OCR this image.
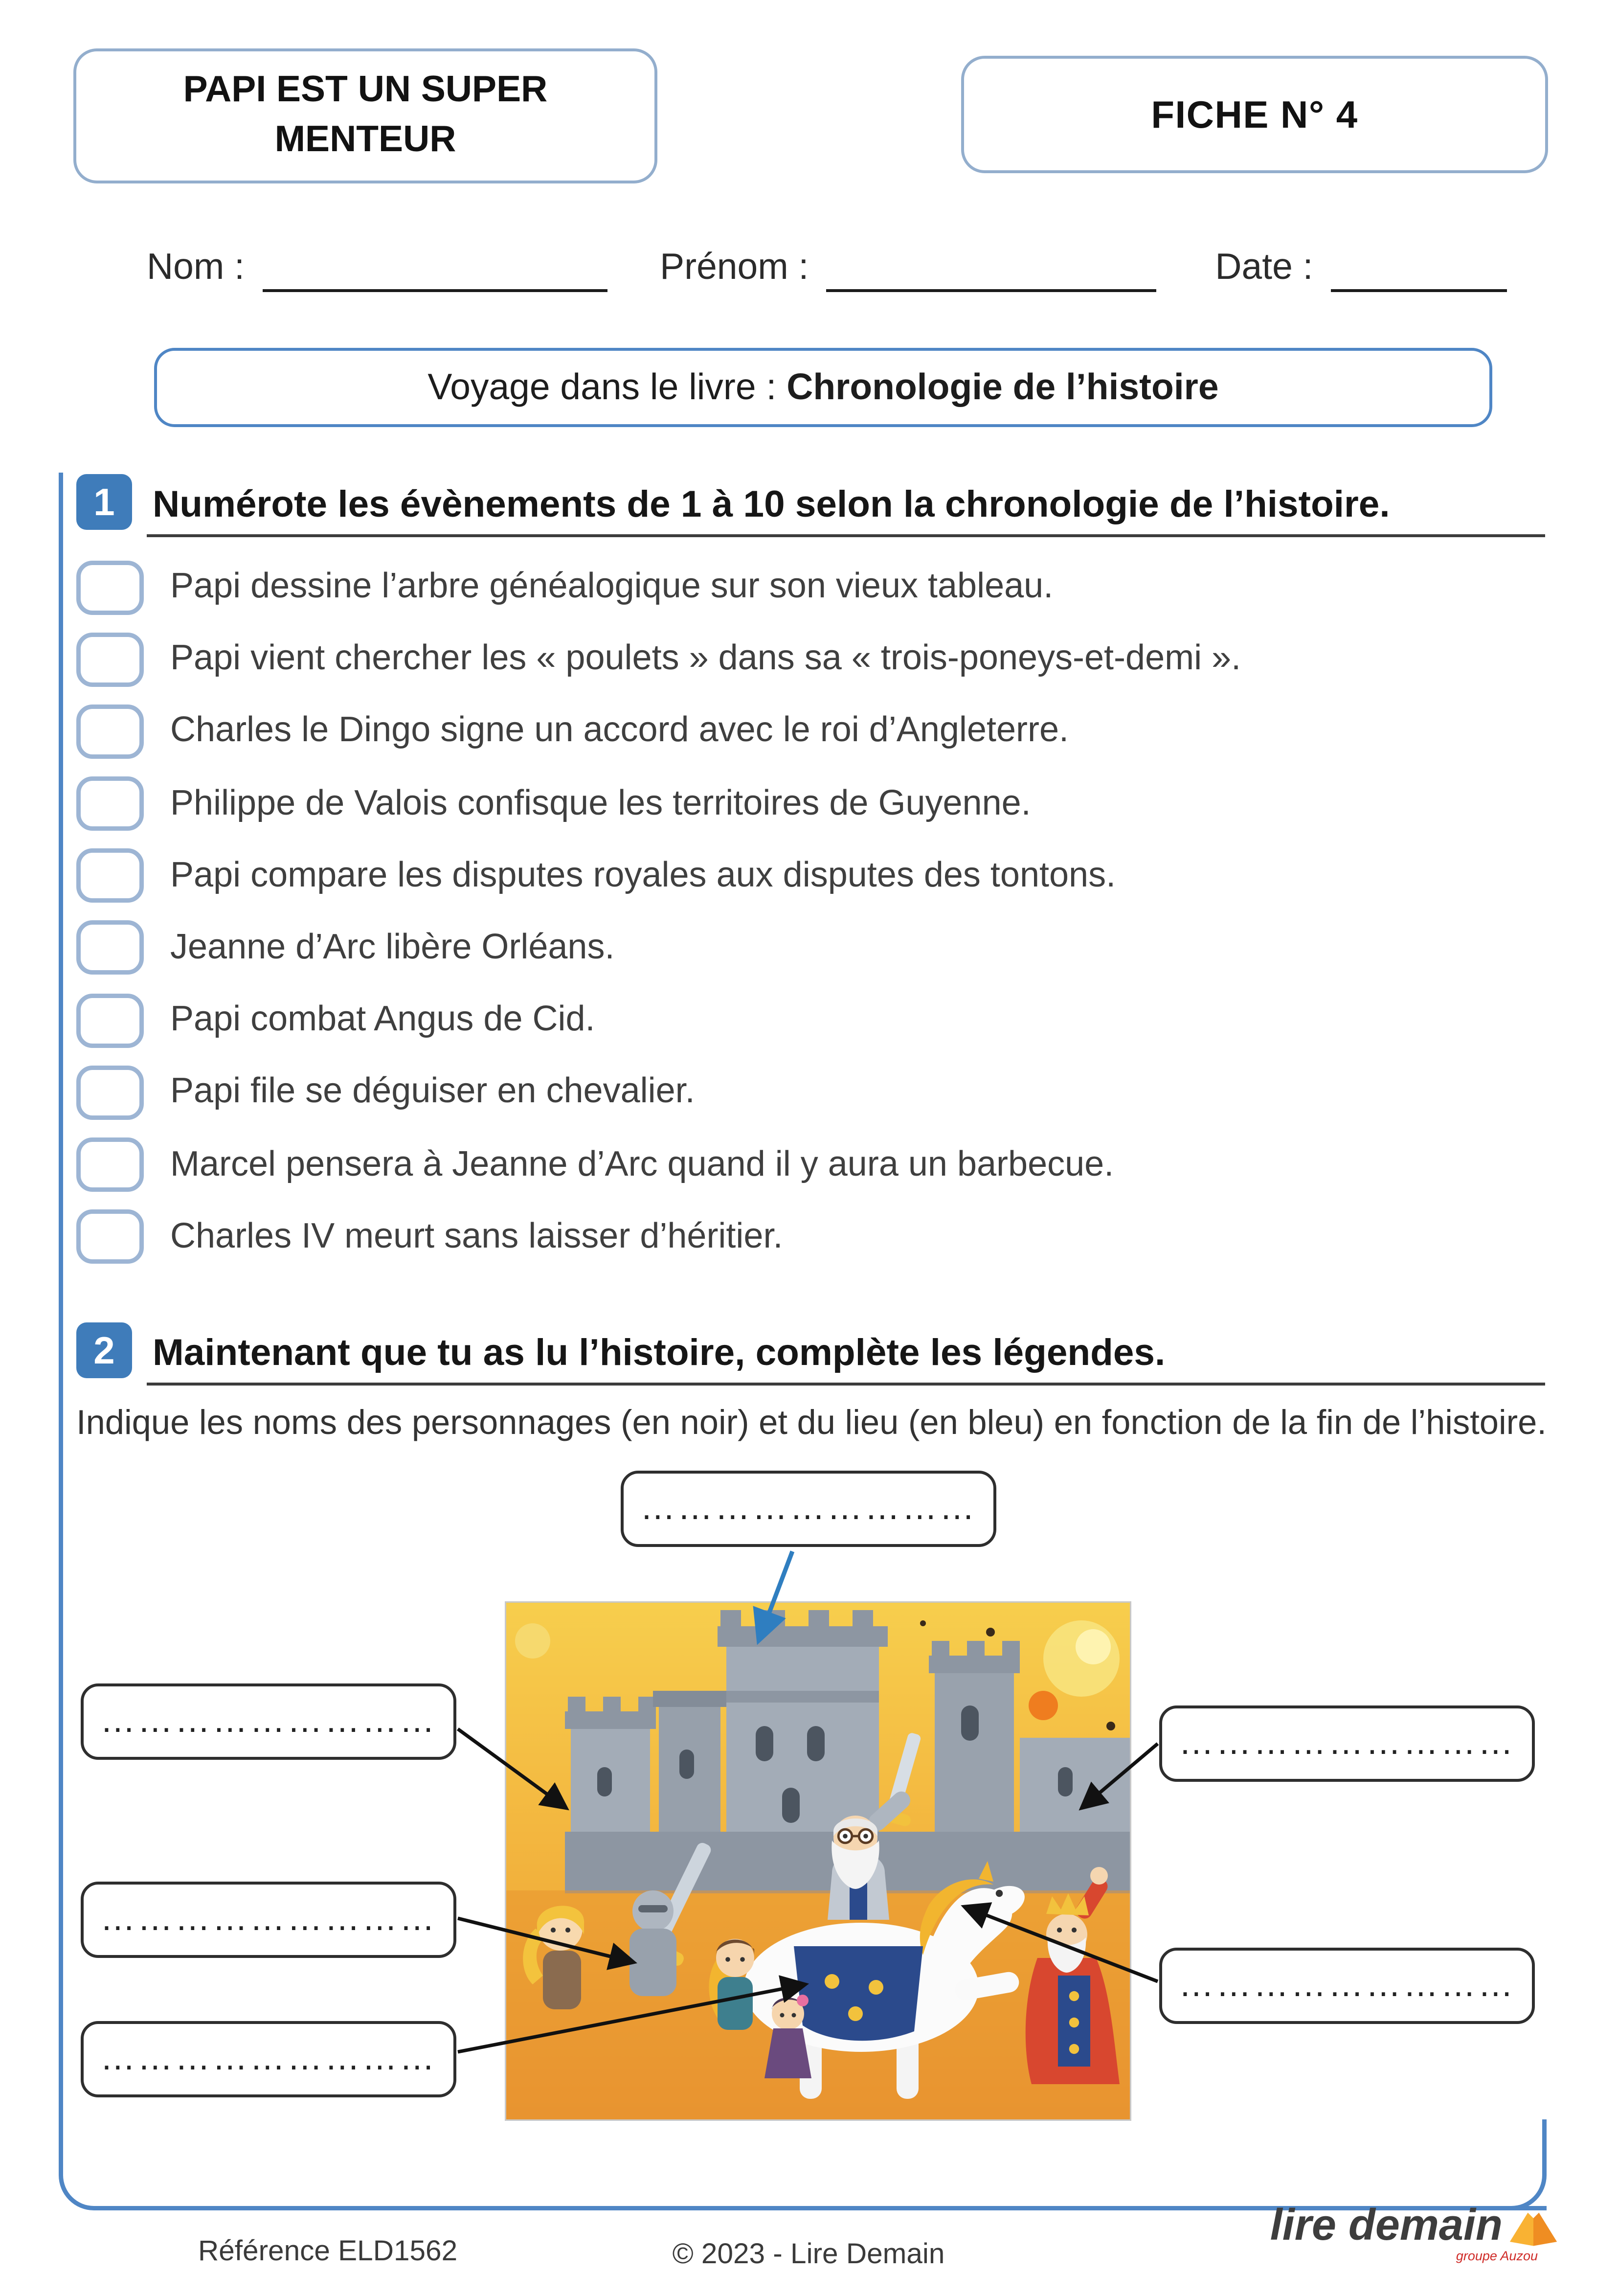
PAPI EST UN SUPER MENTEUR
FICHE N° 4
Nom :	Prénom :	Date :
Voyage dans le livre :
Chronologie de l’histoire
1	Numérote les évènements de 1 à 10 selon la chronologie de l’histoire.
Papi dessine l’arbre généalogique sur son vieux tableau.
Papi vient chercher les « poulets » dans sa « trois-poneys-et-demi ».
Charles le Dingo signe un accord avec le roi d’Angleterre.
Philippe de Valois confisque les territoires de Guyenne.
Papi compare les disputes royales aux disputes des tontons.
Jeanne d’Arc libère Orléans.
Papi combat Angus de Cid.
Papi file se déguiser en chevalier.
Marcel pensera à Jeanne d’Arc quand il y aura un barbecue.
Charles IV meurt sans laisser d’héritier.
2	Maintenant que tu as lu l’histoire, complète les légendes.
Indique les noms des personnages (en noir) et du lieu (en bleu) en fonction de la fin de l’histoire.
………………………
………………………
………………………
………………………
………………………
………………………
Référence ELD1562	© 2023 - Lire Demain
lire demain
groupe Auzou
